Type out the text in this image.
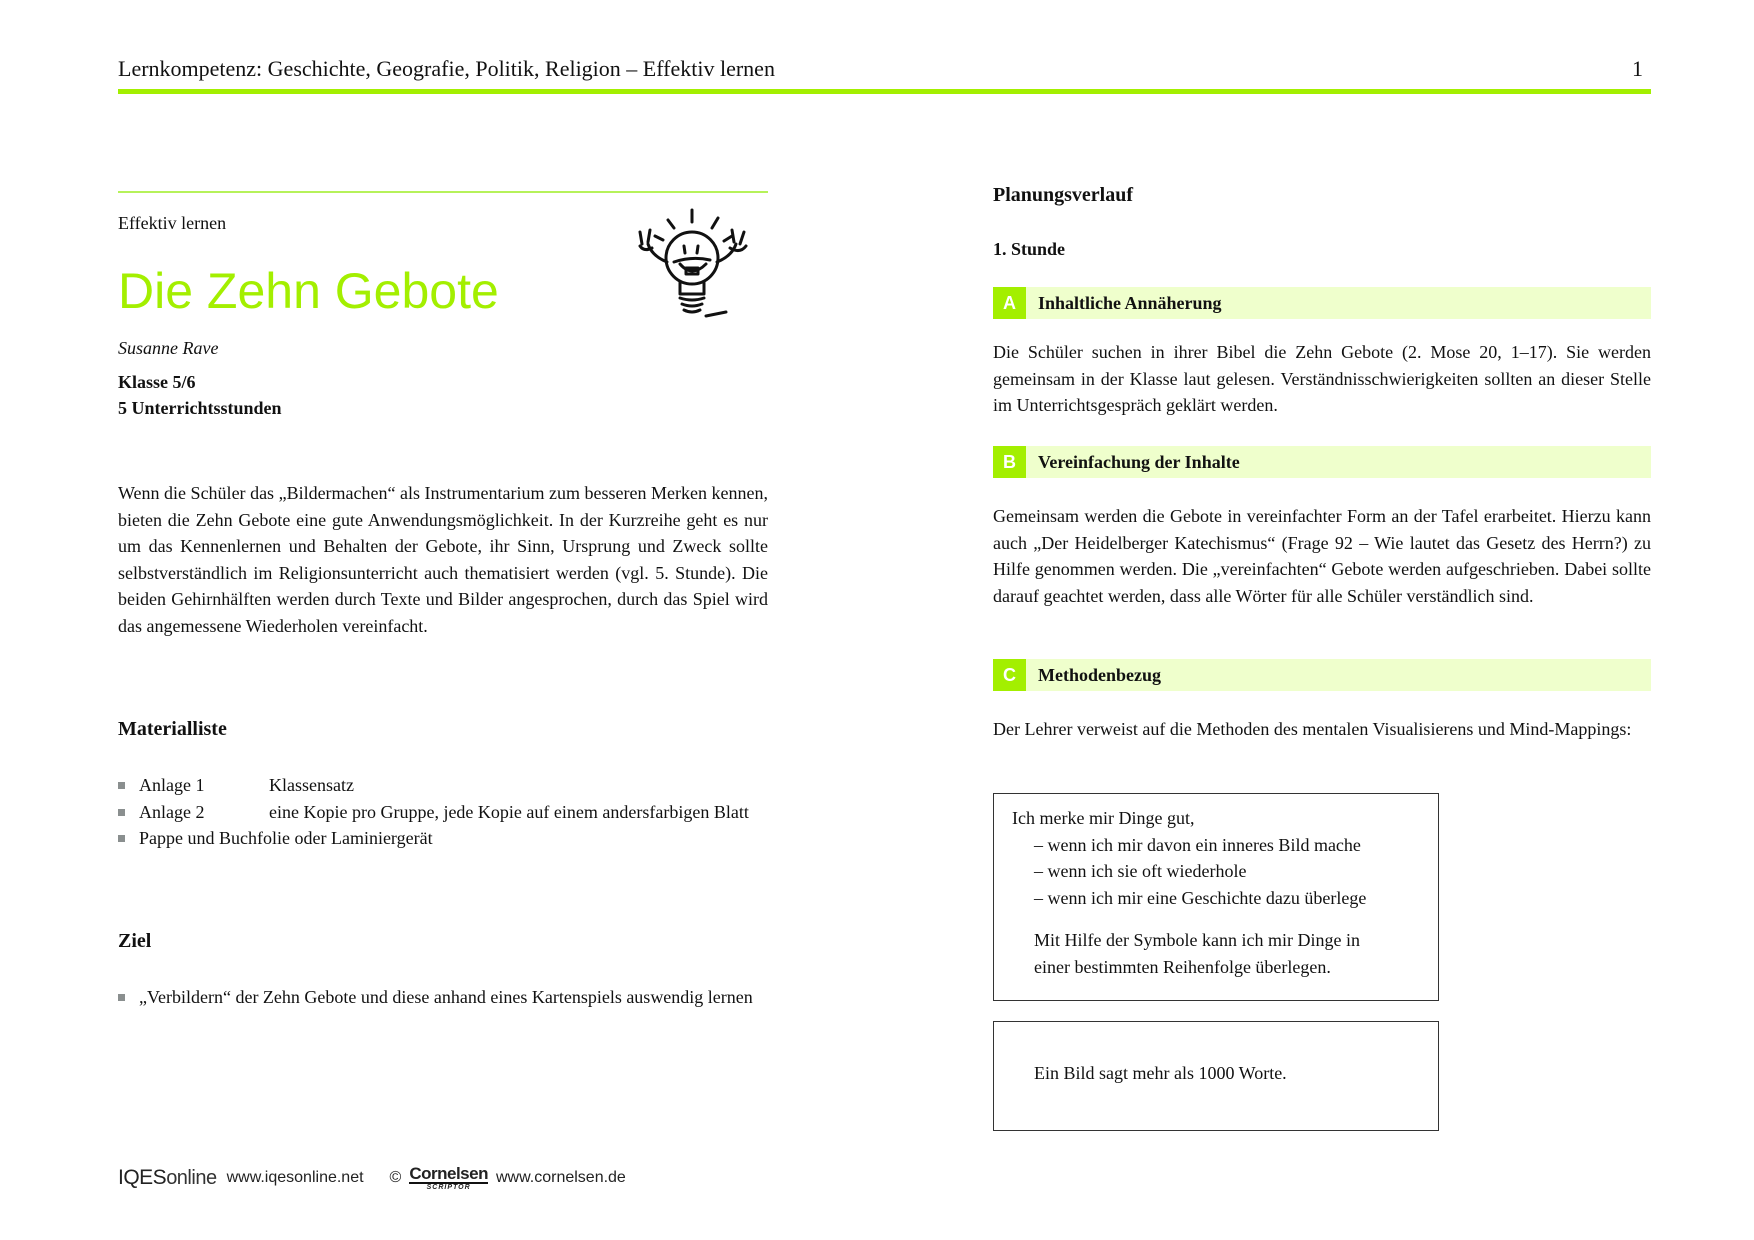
Lernkompetenz: Geschichte, Geografie, Politik, Religion – Effektiv lernen	1
Effektiv lernen
Die Zehn Gebote
Susanne Rave
Klasse 5/6
5 Unterrichtsstunden
Wenn die Schüler das „Bildermachen“ als Instrumentarium zum besseren Merken kennen, bieten die Zehn Gebote eine gute Anwendungsmöglichkeit. In der Kurzreihe geht es nur um das Kennenlernen und Behalten der Gebote, ihr Sinn, Ursprung und Zweck sollte selbstverständlich im Religionsunterricht auch thematisiert werden (vgl. 5. Stunde). Die beiden Gehirnhälften werden durch Texte und Bilder angesprochen, durch das Spiel wird das angemessene Wiederholen vereinfacht.
Materialliste
Anlage 1	Klassensatz
Anlage 2	eine Kopie pro Gruppe, jede Kopie auf einem andersfarbigen Blatt
Pappe und Buchfolie oder Laminiergerät
Ziel
„Verbildern“ der Zehn Gebote und diese anhand eines Kartenspiels auswendig lernen
IQESonline www.iqesonline.net © Cornelsen
SCRIPTOR
www.cornelsen.de
Planungsverlauf
1. Stunde
A	Inhaltliche Annäherung
Die Schüler suchen in ihrer Bibel die Zehn Gebote (2. Mose 20, 1–17). Sie werden gemeinsam in der Klasse laut gelesen. Verständnisschwierigkeiten sollten an dieser Stelle im Unterrichtsgespräch geklärt werden.
B	Vereinfachung der Inhalte
Gemeinsam werden die Gebote in vereinfachter Form an der Tafel erarbeitet. Hierzu kann auch „Der Heidelberger Katechismus“ (Frage 92 – Wie lautet das Gesetz des Herrn?) zu Hilfe genommen werden. Die „vereinfachten“ Gebote werden aufgeschrieben. Dabei sollte darauf geachtet werden, dass alle Wörter für alle Schüler verständlich sind.
C	Methodenbezug
Der Lehrer verweist auf die Methoden des mentalen Visualisierens und Mind-Mappings:
Ich merke mir Dinge gut,
– wenn ich mir davon ein inneres Bild mache
– wenn ich sie oft wiederhole
– wenn ich mir eine Geschichte dazu überlege
Mit Hilfe der Symbole kann ich mir Dinge in
einer bestimmten Reihenfolge überlegen.
Ein Bild sagt mehr als 1000 Worte.
